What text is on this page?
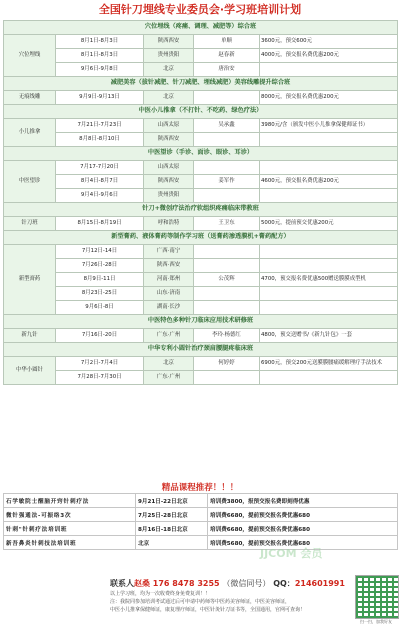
全国针刀埋线专业委员会·学习班培训计划
穴位埋线（疼痛、调理、减肥等）综合班				
穴位埋线	8月1日-8月3日	陕西西安	单顺	3600元，预交600元
	8月1日-8月3日	贵州贵阳	赵春新	4000元，预交报名费优惠200元
	9月6日-9月8日	北京	唐治安	
减肥美容（拔针减肥、针刀减肥、埋线减肥）美容线雕提升综合班				
无痕线雕	9月9日-9月13日	北京		8000元，预交报名费优惠200元
中医小儿推拿（不打针、不吃药、绿色疗法）				
小儿推拿	7月21日-7月23日	山西太原	吴承鑫	3980元/含（颁发中医小儿推拿保健师证书）
	8月8日-8月10日	陕西西安		
中医望诊（手诊、面诊、眼诊、耳诊）				
中医望诊	7月17-7月20日	山西太原		
	8月4日-8月7日	陕西西安	姜军作	4600元，预交报名费优惠200元
	9月4日-9月6日	贵州贵阳		
针刀+微创疗法治疗软组织疼痛临床带教班				
针刀班	8月15日-8月19日	呼和浩特	王卫东	5000元，提前预交优惠200元
新型膏药、液体膏药等制作学习班（送膏药渗透膜机+膏药配方）				
新型膏药	7月12日-14日	广西·南宁		
	7月26日-28日	陕西·西安		
	8月9日-11日	河南·郑州	公茂辉	4700，预交报名费优惠500赠送膜膜成型机
	8月23日-25日	山东·济南		
	9月6日-8日	湖南·长沙		
中医特色多种针刀临床应用技术研修班				
新九针	7月16日-20日	广东·广州	李玲·杨德红	4800，预交送赠书/《新九针包》一套
中华专利小圆针治疗颈肩腰腿疼临床班				
中华小圆针	7月2日-7月4日	北京	何婷婷	6900元，预交200元送膜膜腰痛缓解理疗手法技术
	7月28日-7月30日	广东·广州		
精品课程推荐！！！
石学敏院士醒脑开窍针刺疗法	9月21日-22日北京	培训费3800，报预交报名费即刻得优惠
微针强通法-可振络3次	7月25日-28日北京	培训费6680，提前预交报名费优惠680
针刺"针刺疗法培训班	8月16日-18日北京	培训费6680，提前预交报名费优惠680
新吾鼻炎针刺技法培训班	北京	培训费5680，提前预交报名费优惠680
JJCOM 会员
联系人赵桑 176 8478 3255 （微信同号） QQ：214601991
以上学习班，均为一次收费终身免费复训！！
注：我院同参加培训考试通过后可申请中药师等中医药美容师证，中医美容师证，
中医小儿推拿保健师证，康复理疗师证，中医针灸针刀证书等，全国通用，官网可查询！
扫一扫，加我好友
